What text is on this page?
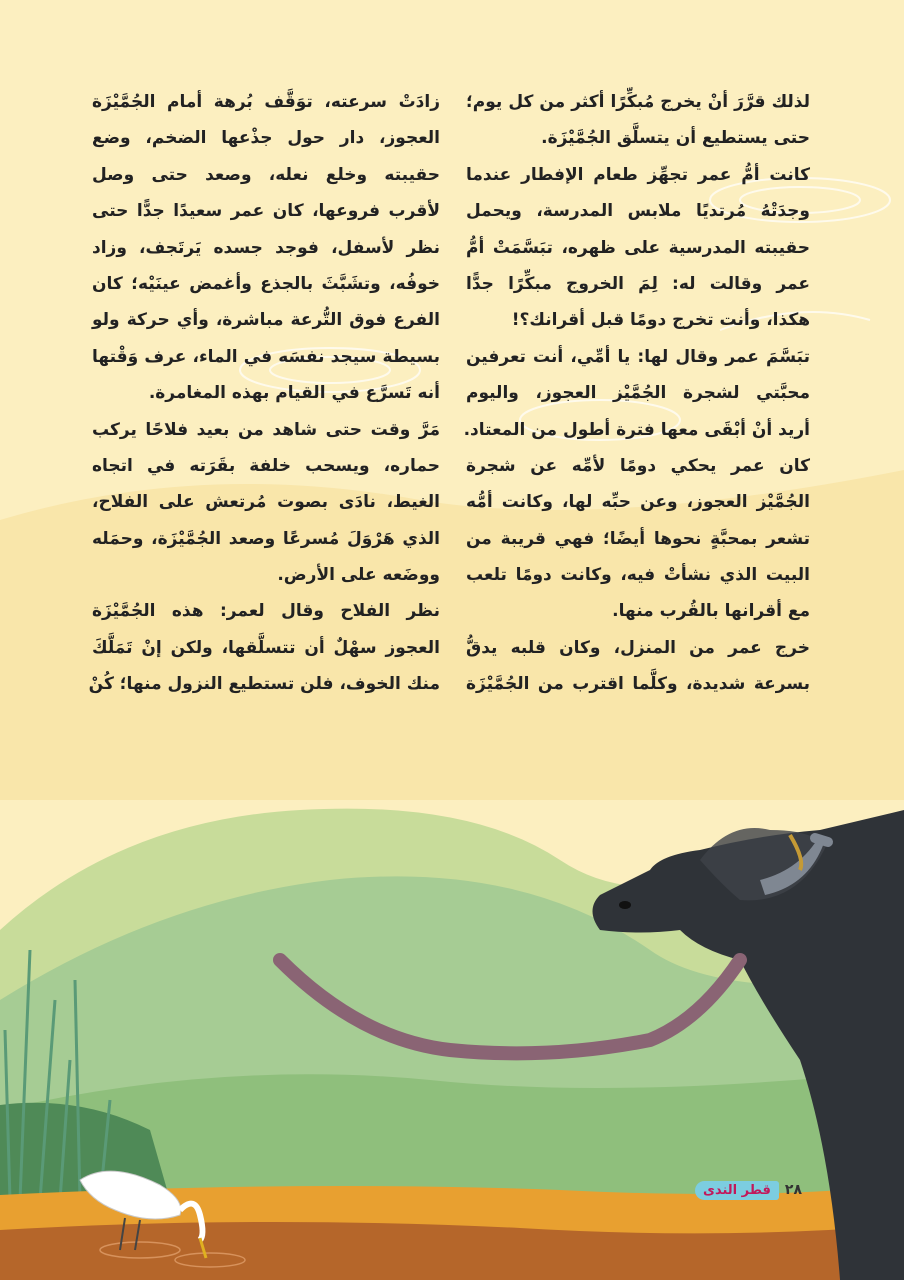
لذلك قرَّرَ أنْ يخرج مُبكِّرًا أكثر من كل يوم؛
حتى يستطيع أن يتسلَّق الجُمَّيْزَة.
كانت أمُّ عمر تجهِّز طعام الإفطار عندما
وجدَتْهُ مُرتديًا ملابس المدرسة، ويحمل
حقيبته المدرسية على ظهره، تبَسَّمَتْ أمُّ
عمر وقالت له: لِمَ الخروج مبكِّرًا جدًّا
هكذا، وأنت تخرج دومًا قبل أقرانك؟!
تبَسَّمَ عمر وقال لها: يا أمِّي، أنت تعرفين
محبَّتي لشجرة الجُمَّيْز العجوز، واليوم
أريد أنْ أبْقَى معها فترة أطول من المعتاد.
كان عمر يحكي دومًا لأمِّه عن شجرة
الجُمَّيْز العجوز، وعن حبِّه لها، وكانت أمُّه
تشعر بمحبَّةٍ نحوها أيضًا؛ فهي قريبة من
البيت الذي نشأتْ فيه، وكانت دومًا تلعب
مع أقرانها بالقُرب منها.
خرج عمر من المنزل، وكان قلبه يدقُّ
بسرعة شديدة، وكلَّما اقترب من الجُمَّيْزَة
زادَتْ سرعته، توَقَّف بُرهة أمام الجُمَّيْزَة
العجوز، دار حول جذْعها الضخم، وضع
حقيبته وخلع نعله، وصعد حتى وصل
لأقرب فروعها، كان عمر سعيدًا جدًّا حتى
نظر لأسفل، فوجد جسده يَرتَجف، وزاد
خوفُه، وتشَبَّثَ بالجذع وأغمض عينَيْه؛ كان
الفرع فوق التُّرعة مباشرة، وأي حركة ولو
بسيطة سيجد نفسَه في الماء، عرف وَقْتها
أنه تَسرَّع في القيام بهذه المغامرة.
مَرَّ وقت حتى شاهد من بعيد فلاحًا يركب
حماره، ويسحب خلفة بقَرَته في اتجاه
الغيط، نادَى بصوت مُرتعش على الفلاح،
الذي هَرْوَلَ مُسرعًا وصعد الجُمَّيْزَة، وحمَله
ووضَعه على الأرض.
نظر الفلاح وقال لعمر: هذه الجُمَّيْزَة
العجوز سهْلٌ أن تتسلَّقها، ولكن إنْ تَمَلَّكَ
منك الخوف، فلن تستطيع النزول منها؛ كُنْ
٢٨
قطر الندى
